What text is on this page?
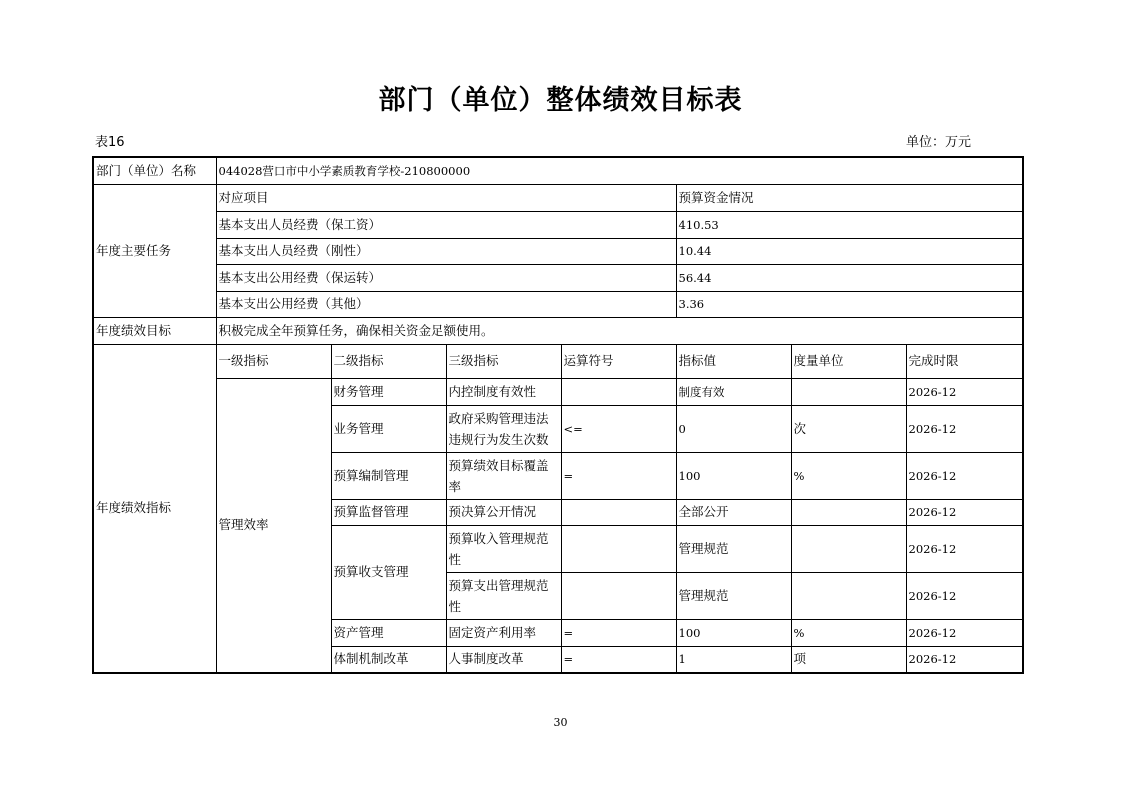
部门（单位）整体绩效目标表
表16	单位：万元
部门（单位）名称	044028营口市中小学素质教育学校-210800000						
年度主要任务	对应项目				预算资金情况		
	基本支出人员经费（保工资）				410.53		
	基本支出人员经费（刚性）				10.44		
	基本支出公用经费（保运转）				56.44		
	基本支出公用经费（其他）				3.36		
年度绩效目标	积极完成全年预算任务，确保相关资金足额使用。						
年度绩效指标	一级指标	二级指标	三级指标	运算符号	指标值	度量单位	完成时限
	管理效率	财务管理	内控制度有效性		制度有效		2026-12
		业务管理	政府采购管理违法违规行为发生次数	<=	0	次	2026-12
		预算编制管理	预算绩效目标覆盖率	=	100	%	2026-12
		预算监督管理	预决算公开情况		全部公开		2026-12
		预算收支管理	预算收入管理规范性		管理规范		2026-12
			预算支出管理规范性		管理规范		2026-12
		资产管理	固定资产利用率	=	100	%	2026-12
		体制机制改革	人事制度改革	=	1	项	2026-12
30
